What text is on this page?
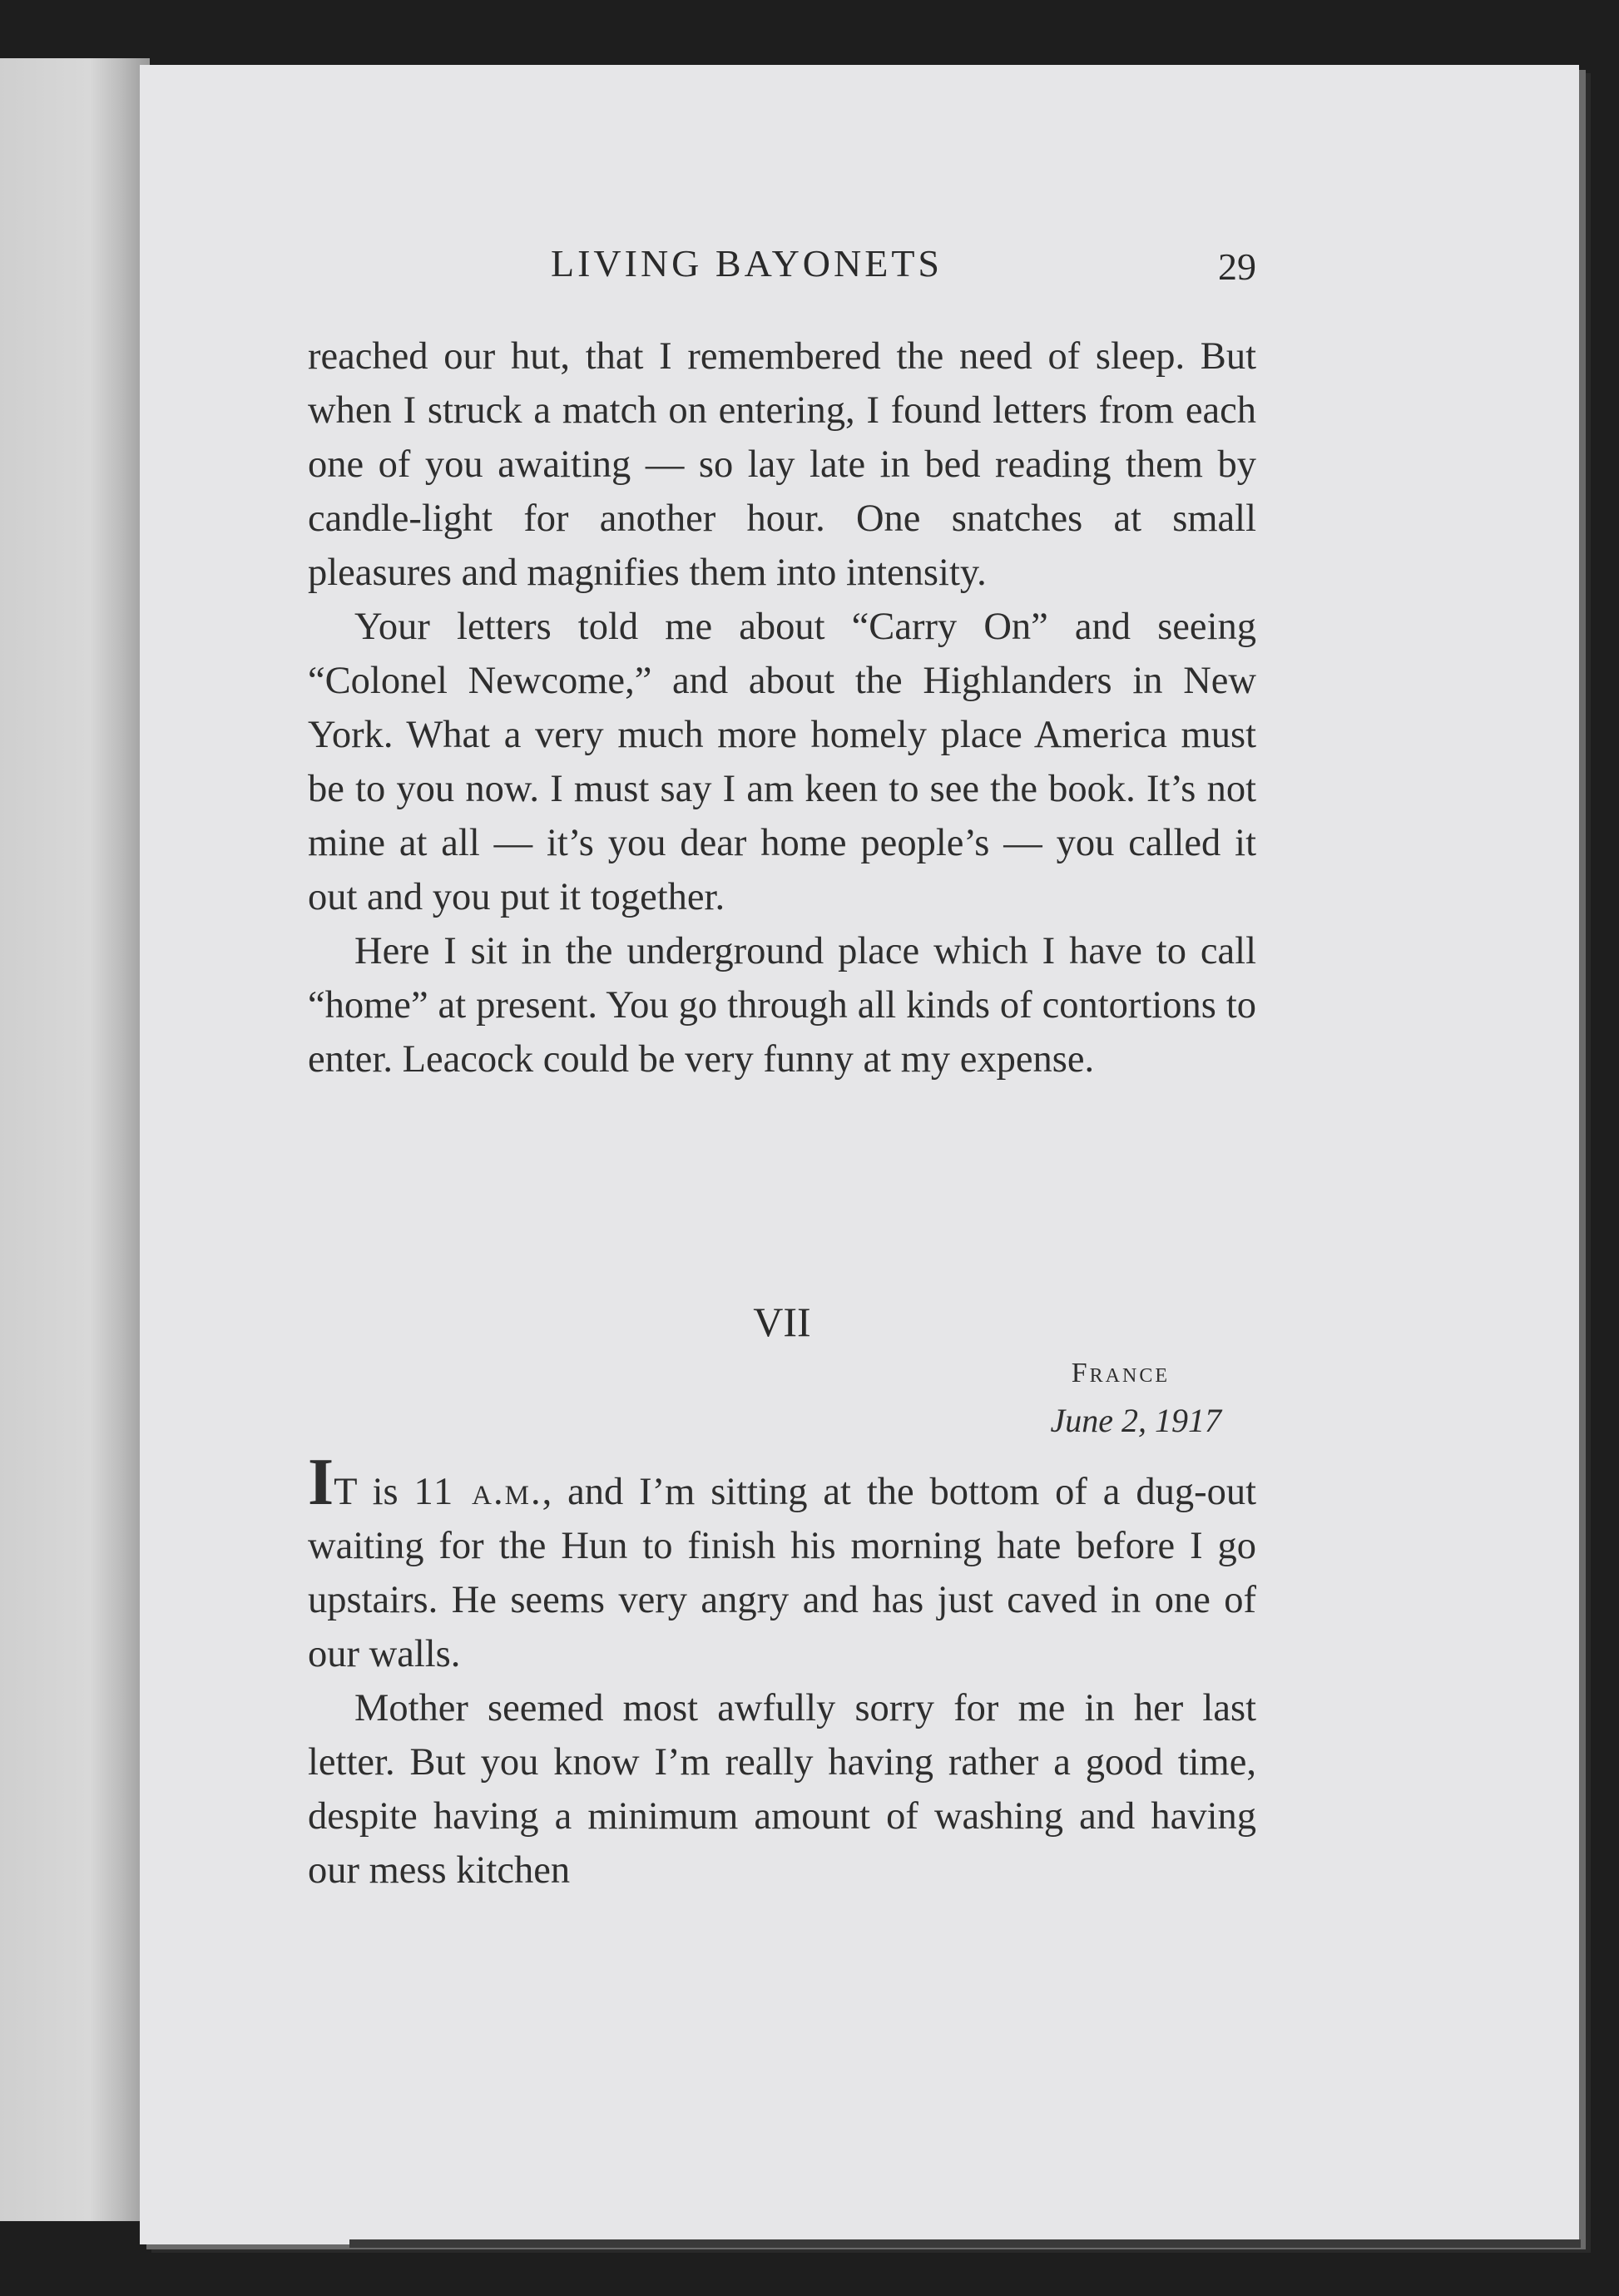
LIVING BAYONETS	29

reached our hut, that I remembered the need of sleep. But when I struck a match on entering, I found letters from each one of you awaiting — so lay late in bed reading them by candle-light for another hour. One snatches at small pleasures and magnifies them into intensity.

Your letters told me about “Carry On” and seeing “Colonel Newcome,” and about the Highlanders in New York. What a very much more homely place America must be to you now. I must say I am keen to see the book. It’s not mine at all — it’s you dear home people’s — you called it out and you put it together.

Here I sit in the underground place which I have to call “home” at present. You go through all kinds of contortions to enter. Leacock could be very funny at my expense.

VII
France
June 2, 1917

IT is 11 a.m., and I’m sitting at the bottom of a dug-out waiting for the Hun to finish his morning hate before I go upstairs. He seems very angry and has just caved in one of our walls.

Mother seemed most awfully sorry for me in her last letter. But you know I’m really having rather a good time, despite having a minimum amount of washing and having our mess kitchen
